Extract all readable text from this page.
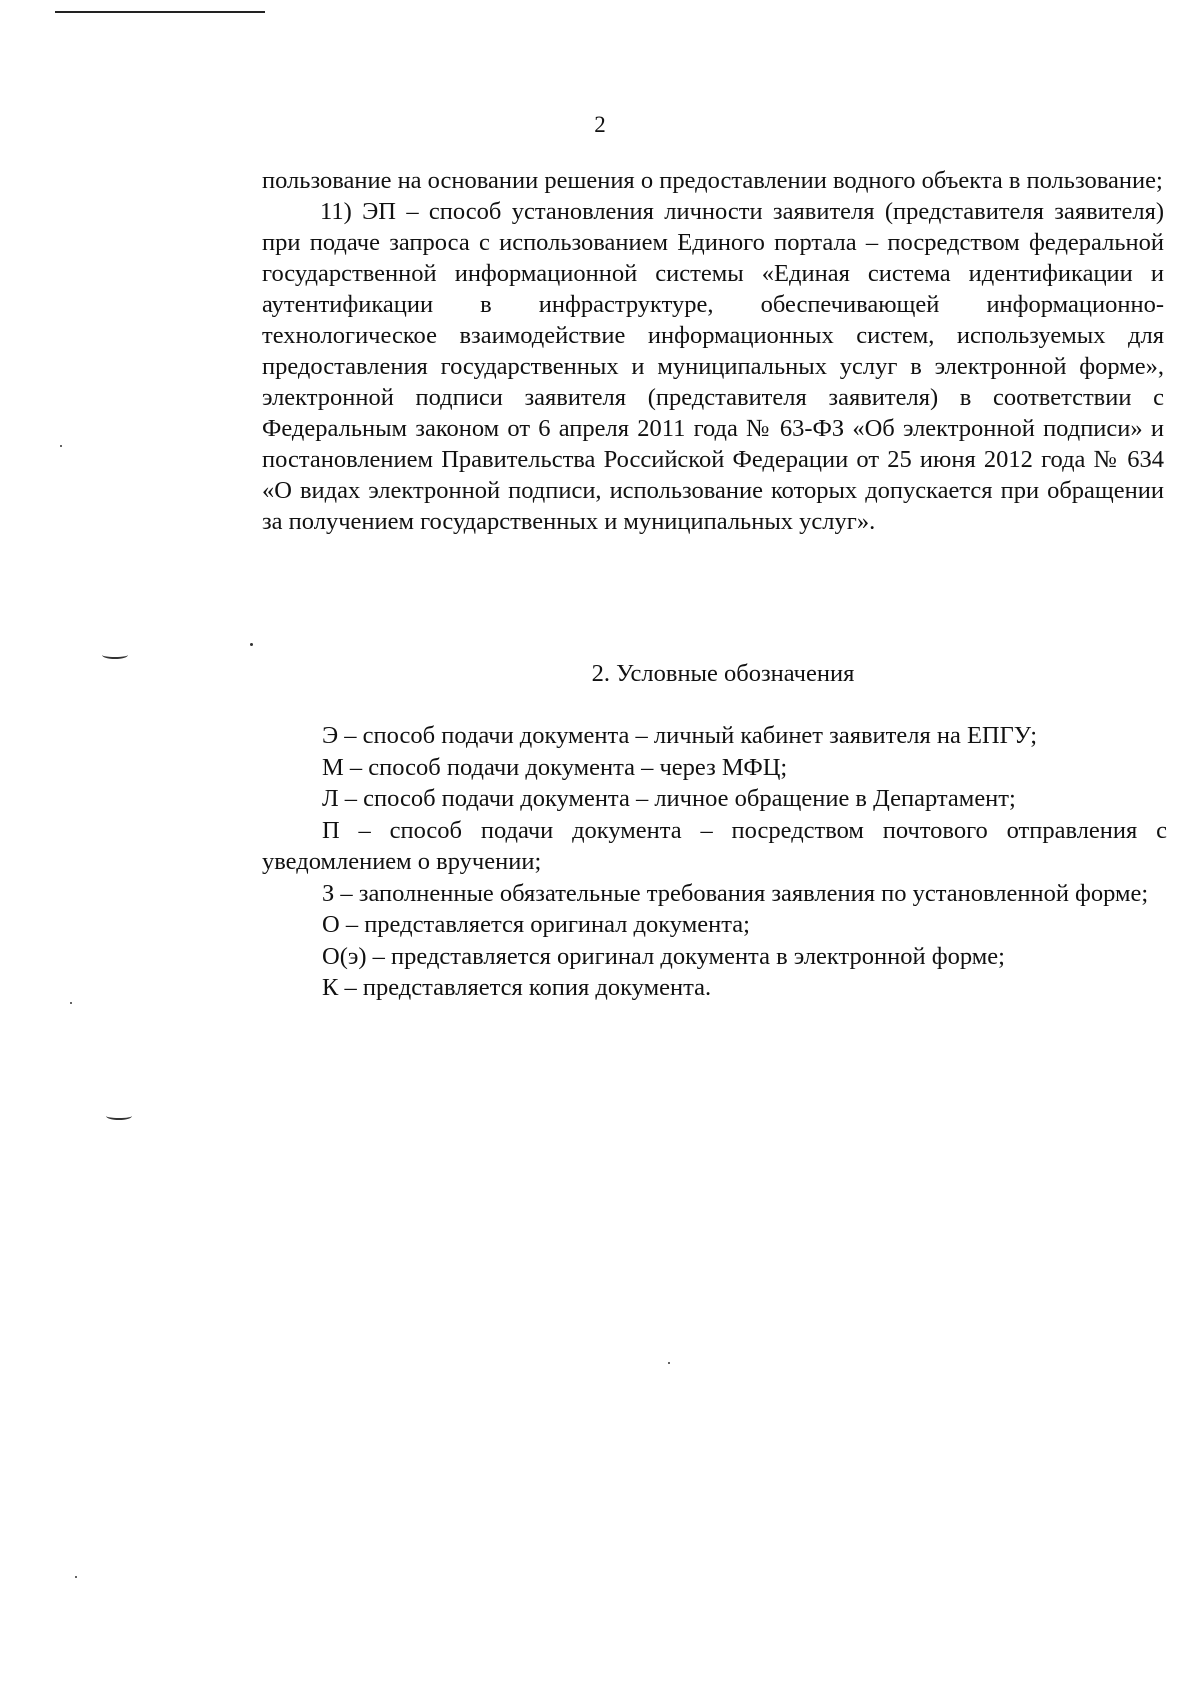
2

пользование на основании решения о предоставлении водного объекта в пользование;

11) ЭП – способ установления личности заявителя (представителя заявителя) при подаче запроса с использованием Единого портала – посредством федеральной государственной информационной системы «Единая система идентификации и аутентификации в инфраструктуре, обеспечивающей информационно-технологическое взаимодействие информационных систем, используемых для предоставления государственных и муниципальных услуг в электронной форме», электронной подписи заявителя (представителя заявителя) в соответствии с Федеральным законом от 6 апреля 2011 года № 63-ФЗ «Об электронной подписи» и постановлением Правительства Российской Федерации от 25 июня 2012 года № 634 «О видах электронной подписи, использование которых допускается при обращении за получением государственных и муниципальных услуг».

2. Условные обозначения

Э – способ подачи документа – личный кабинет заявителя на ЕПГУ;

М – способ подачи документа – через МФЦ;

Л – способ подачи документа – личное обращение в Департамент;

П – способ подачи документа – посредством почтового отправления с уведомлением о вручении;

З – заполненные обязательные требования заявления по установленной форме;

О – представляется оригинал документа;

О(э) – представляется оригинал документа в электронной форме;

К – представляется копия документа.
